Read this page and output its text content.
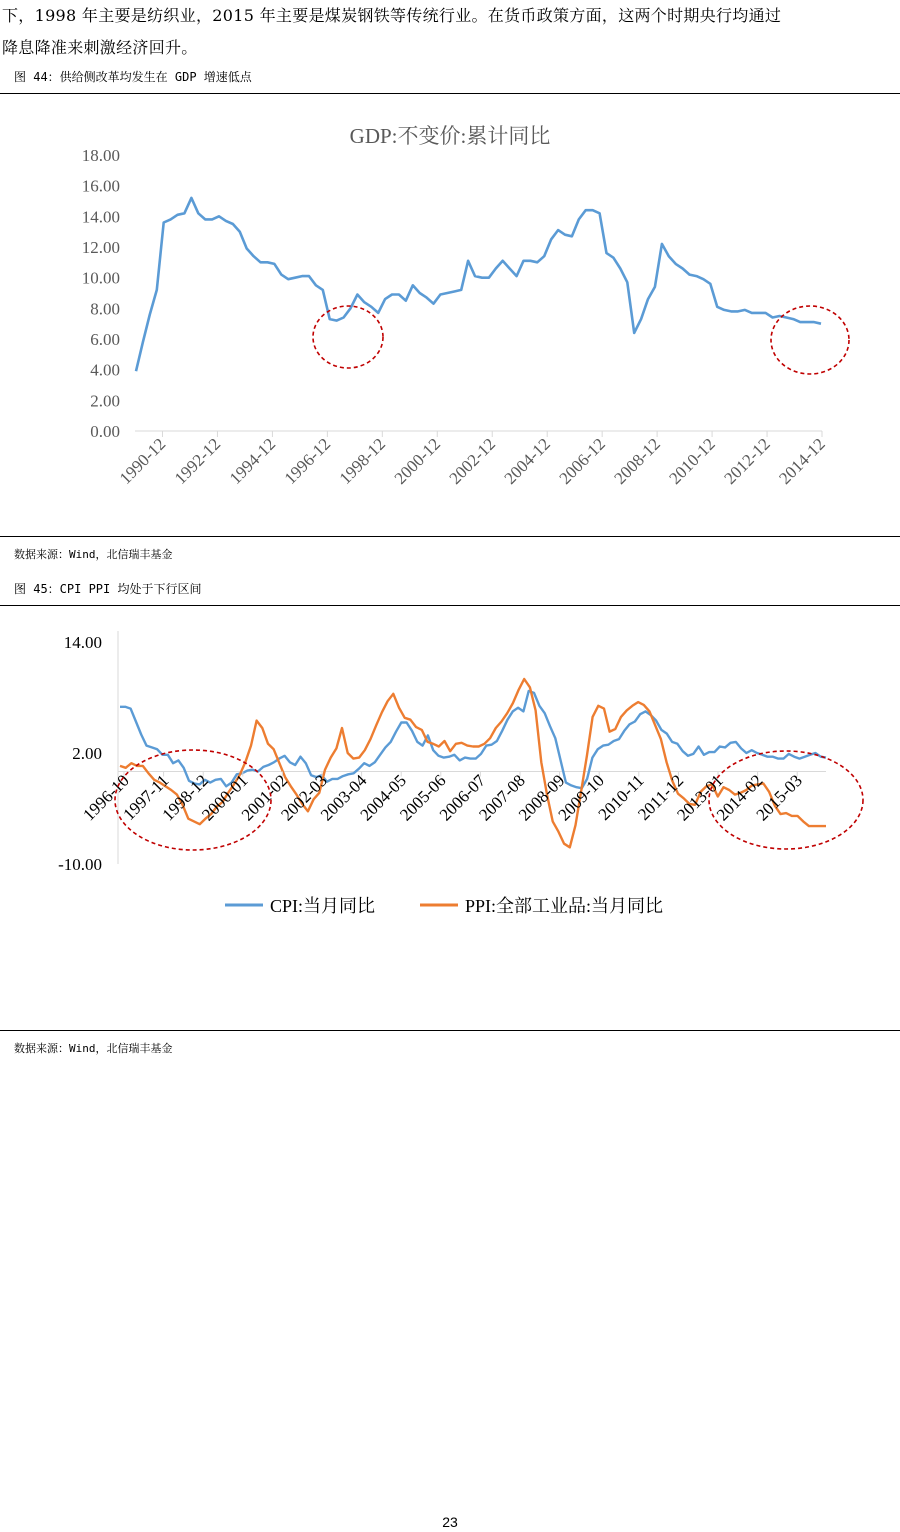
下，1998 年主要是纺织业，2015 年主要是煤炭钢铁等传统行业。在货币政策方面，这两个时期央行均通过

降息降准来刺激经济回升。

图 44：供给侧改革均发生在 GDP 增速低点
GDP:不变价:累计同比
0.00
2.00
4.00
6.00
8.00
10.00
12.00
14.00
16.00
18.00
1990-12 1992-12 1994-12 1996-12 1998-12 2000-12 2002-12 2004-12 2006-12 2008-12 2010-12 2012-12 2014-12
数据来源：Wind，北信瑞丰基金
图 45：CPI PPI 均处于下行区间
-10.00
2.00
14.00
1996-10
1997-11
1998-12
2000-01
2001-02
2002-03
2003-04
2004-05
2005-06
2006-07
2007-08
2008-09
2009-10
2010-11
2011-12
2013-01
2014-02
2015-03
CPI:当月同比	PPI:全部工业品:当月同比
数据来源：Wind，北信瑞丰基金
23
